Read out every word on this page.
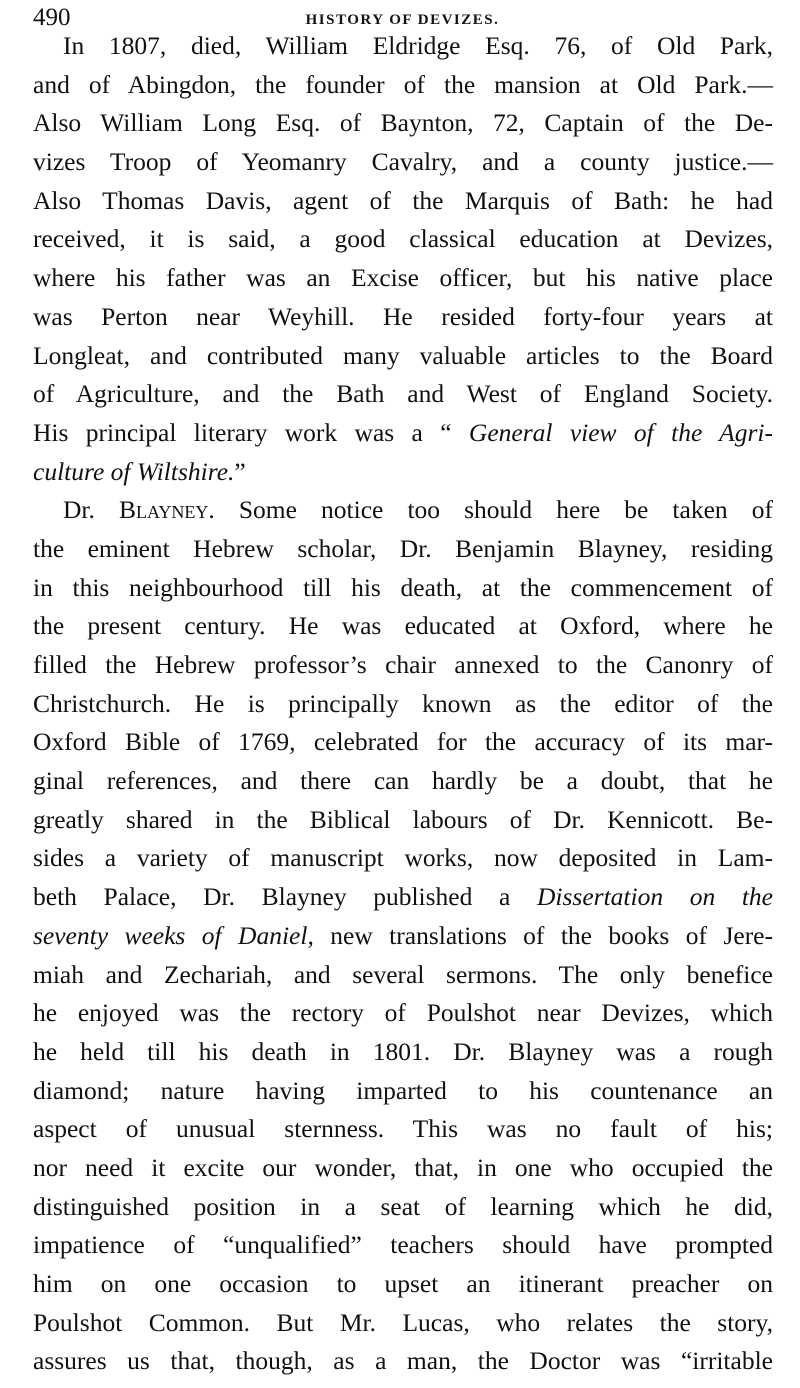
490	HISTORY OF DEVIZES.
In 1807, died, William Eldridge Esq. 76, of Old Park,
and of Abingdon, the founder of the mansion at Old Park.—
Also William Long Esq. of Baynton, 72, Captain of the De-
vizes Troop of Yeomanry Cavalry, and a county justice.—
Also Thomas Davis, agent of the Marquis of Bath: he had
received, it is said, a good classical education at Devizes,
where his father was an Excise officer, but his native place
was Perton near Weyhill. He resided forty-four years at
Longleat, and contributed many valuable articles to the Board
of Agriculture, and the Bath and West of England Society.
His principal literary work was a “ General view of the Agri-
culture of Wiltshire.”
Dr. Blayney. Some notice too should here be taken of
the eminent Hebrew scholar, Dr. Benjamin Blayney, residing
in this neighbourhood till his death, at the commencement of
the present century. He was educated at Oxford, where he
filled the Hebrew professor’s chair annexed to the Canonry of
Christchurch. He is principally known as the editor of the
Oxford Bible of 1769, celebrated for the accuracy of its mar-
ginal references, and there can hardly be a doubt, that he
greatly shared in the Biblical labours of Dr. Kennicott. Be-
sides a variety of manuscript works, now deposited in Lam-
beth Palace, Dr. Blayney published a Dissertation on the
seventy weeks of Daniel, new translations of the books of Jere-
miah and Zechariah, and several sermons. The only benefice
he enjoyed was the rectory of Poulshot near Devizes, which
he held till his death in 1801. Dr. Blayney was a rough
diamond; nature having imparted to his countenance an
aspect of unusual sternness. This was no fault of his;
nor need it excite our wonder, that, in one who occupied the
distinguished position in a seat of learning which he did,
impatience of “unqualified” teachers should have prompted
him on one occasion to upset an itinerant preacher on
Poulshot Common. But Mr. Lucas, who relates the story,
assures us that, though, as a man, the Doctor was “irritable
